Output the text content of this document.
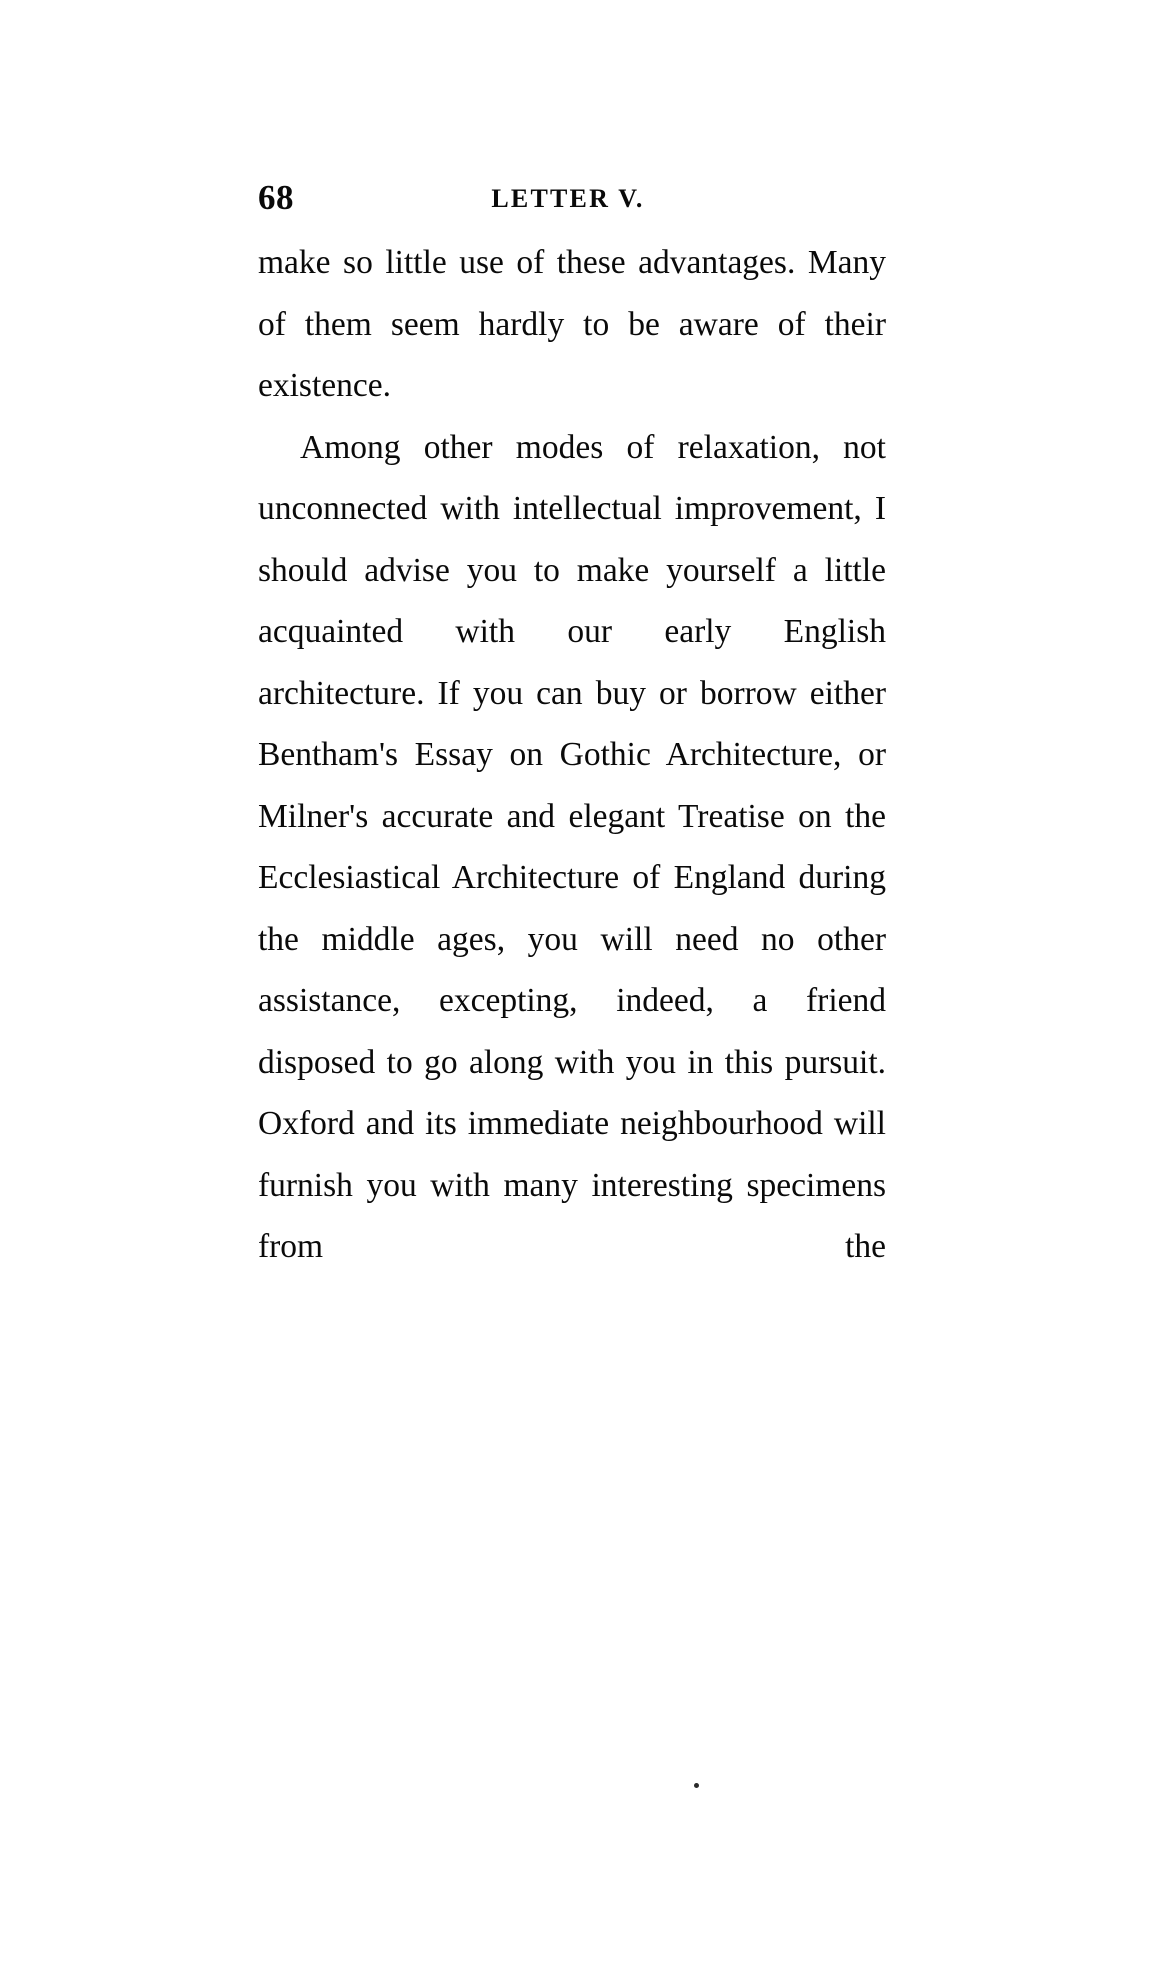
68	LETTER V.

make so little use of these advantages. Many of them seem hardly to be aware of their existence.

Among other modes of relaxation, not unconnected with intellectual improvement, I should advise you to make yourself a little acquainted with our early English architecture. If you can buy or borrow either Bentham's Essay on Gothic Architecture, or Milner's accurate and elegant Treatise on the Ecclesiastical Architecture of England during the middle ages, you will need no other assistance, excepting, indeed, a friend disposed to go along with you in this pursuit. Oxford and its immediate neighbourhood will furnish you with many interesting specimens from the
